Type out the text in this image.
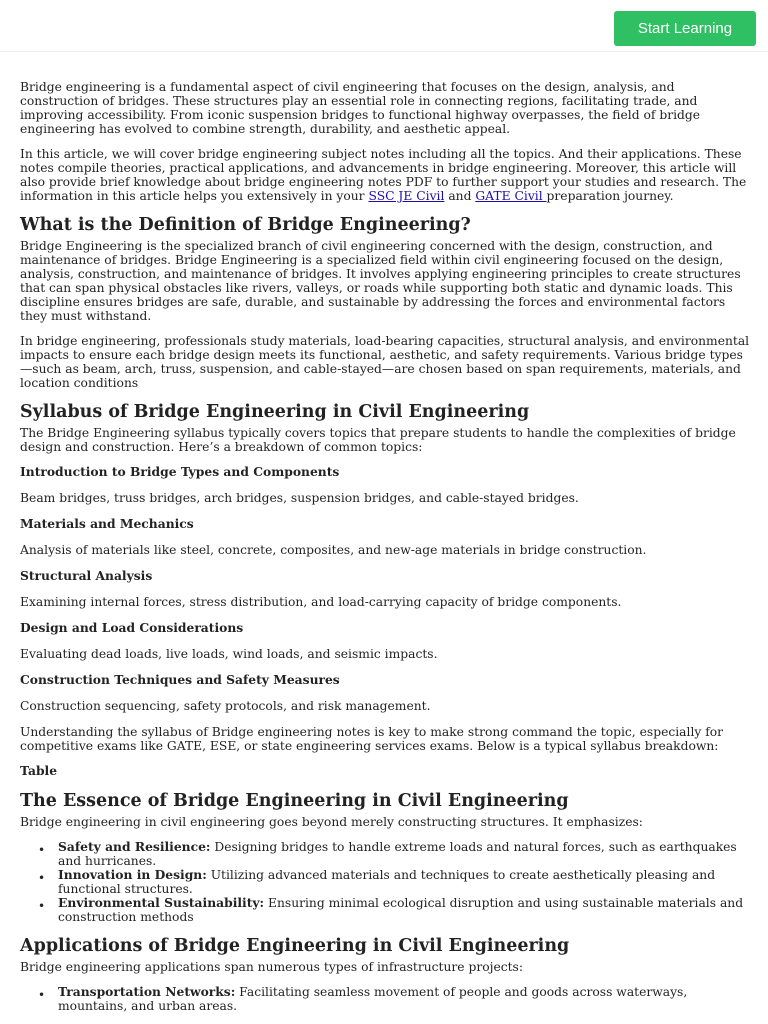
Start Learning

Bridge engineering is a fundamental aspect of civil engineering that focuses on the design, analysis, and construction of bridges. These structures play an essential role in connecting regions, facilitating trade, and improving accessibility. From iconic suspension bridges to functional highway overpasses, the field of bridge engineering has evolved to combine strength, durability, and aesthetic appeal.

In this article, we will cover bridge engineering subject notes including all the topics. And their applications. These notes compile theories, practical applications, and advancements in bridge engineering. Moreover, this article will also provide brief knowledge about bridge engineering notes PDF to further support your studies and research. The information in this article helps you extensively in your SSC JE Civil and GATE Civil preparation journey.

What is the Definition of Bridge Engineering?

Bridge Engineering is the specialized branch of civil engineering concerned with the design, construction, and maintenance of bridges. Bridge Engineering is a specialized field within civil engineering focused on the design, analysis, construction, and maintenance of bridges. It involves applying engineering principles to create structures that can span physical obstacles like rivers, valleys, or roads while supporting both static and dynamic loads. This discipline ensures bridges are safe, durable, and sustainable by addressing the forces and environmental factors they must withstand.

In bridge engineering, professionals study materials, load-bearing capacities, structural analysis, and environmental impacts to ensure each bridge design meets its functional, aesthetic, and safety requirements. Various bridge types—such as beam, arch, truss, suspension, and cable-stayed—are chosen based on span requirements, materials, and location conditions

Syllabus of Bridge Engineering in Civil Engineering

The Bridge Engineering syllabus typically covers topics that prepare students to handle the complexities of bridge design and construction. Here’s a breakdown of common topics:

Introduction to Bridge Types and Components

Beam bridges, truss bridges, arch bridges, suspension bridges, and cable-stayed bridges.

Materials and Mechanics

Analysis of materials like steel, concrete, composites, and new-age materials in bridge construction.

Structural Analysis

Examining internal forces, stress distribution, and load-carrying capacity of bridge components.

Design and Load Considerations

Evaluating dead loads, live loads, wind loads, and seismic impacts.

Construction Techniques and Safety Measures

Construction sequencing, safety protocols, and risk management.

Understanding the syllabus of Bridge engineering notes is key to make strong command the topic, especially for competitive exams like GATE, ESE, or state engineering services exams. Below is a typical syllabus breakdown:

Table
The Essence of Bridge Engineering in Civil Engineering

Bridge engineering in civil engineering goes beyond merely constructing structures. It emphasizes:

• Safety and Resilience: Designing bridges to handle extreme loads and natural forces, such as earthquakes and hurricanes.
• Innovation in Design: Utilizing advanced materials and techniques to create aesthetically pleasing and functional structures.
• Environmental Sustainability: Ensuring minimal ecological disruption and using sustainable materials and construction methods
Applications of Bridge Engineering in Civil Engineering

Bridge engineering applications span numerous types of infrastructure projects:

• Transportation Networks: Facilitating seamless movement of people and goods across waterways, mountains, and urban areas.
